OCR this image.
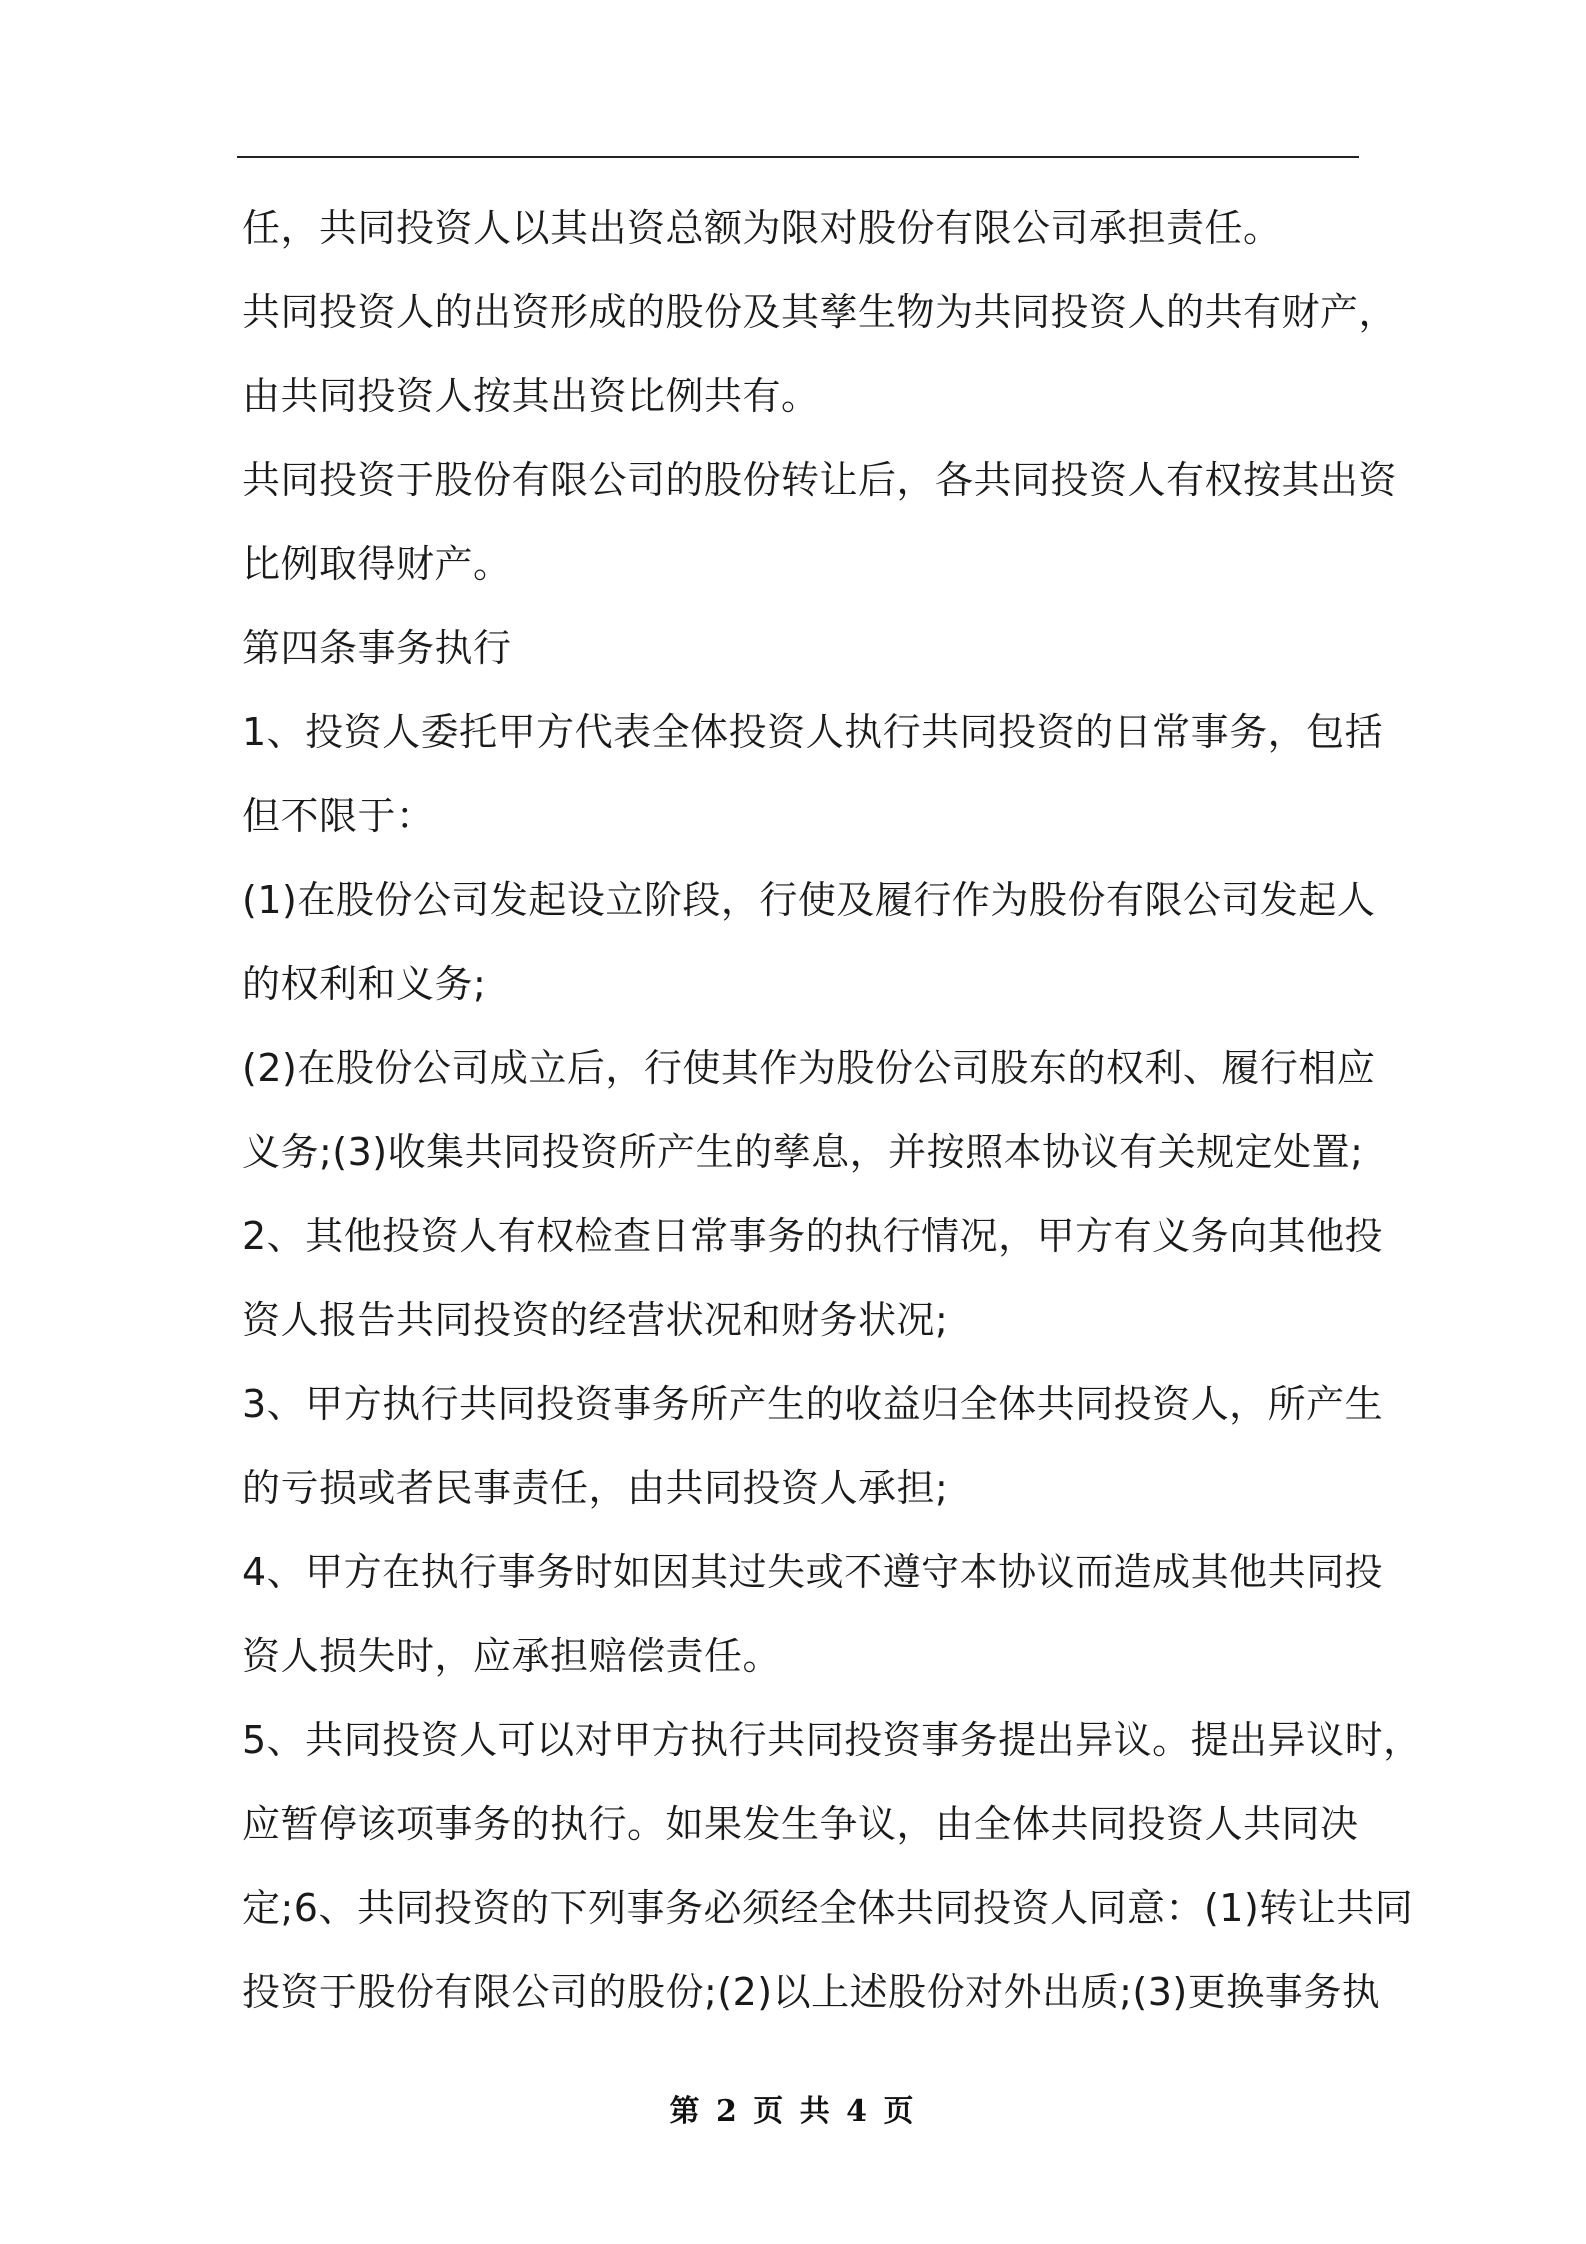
任，共同投资人以其出资总额为限对股份有限公司承担责任。
共同投资人的出资形成的股份及其孳生物为共同投资人的共有财产，
由共同投资人按其出资比例共有。
共同投资于股份有限公司的股份转让后，各共同投资人有权按其出资
比例取得财产。
第四条事务执行
1、投资人委托甲方代表全体投资人执行共同投资的日常事务，包括
但不限于：
(1)在股份公司发起设立阶段，行使及履行作为股份有限公司发起人
的权利和义务;
(2)在股份公司成立后，行使其作为股份公司股东的权利、履行相应
义务;(3)收集共同投资所产生的孳息，并按照本协议有关规定处置;
2、其他投资人有权检查日常事务的执行情况，甲方有义务向其他投
资人报告共同投资的经营状况和财务状况;
3、甲方执行共同投资事务所产生的收益归全体共同投资人，所产生
的亏损或者民事责任，由共同投资人承担;
4、甲方在执行事务时如因其过失或不遵守本协议而造成其他共同投
资人损失时，应承担赔偿责任。
5、共同投资人可以对甲方执行共同投资事务提出异议。提出异议时，
应暂停该项事务的执行。如果发生争议，由全体共同投资人共同决
定;6、共同投资的下列事务必须经全体共同投资人同意：(1)转让共同
投资于股份有限公司的股份;(2)以上述股份对外出质;(3)更换事务执
第 2 页 共 4 页
